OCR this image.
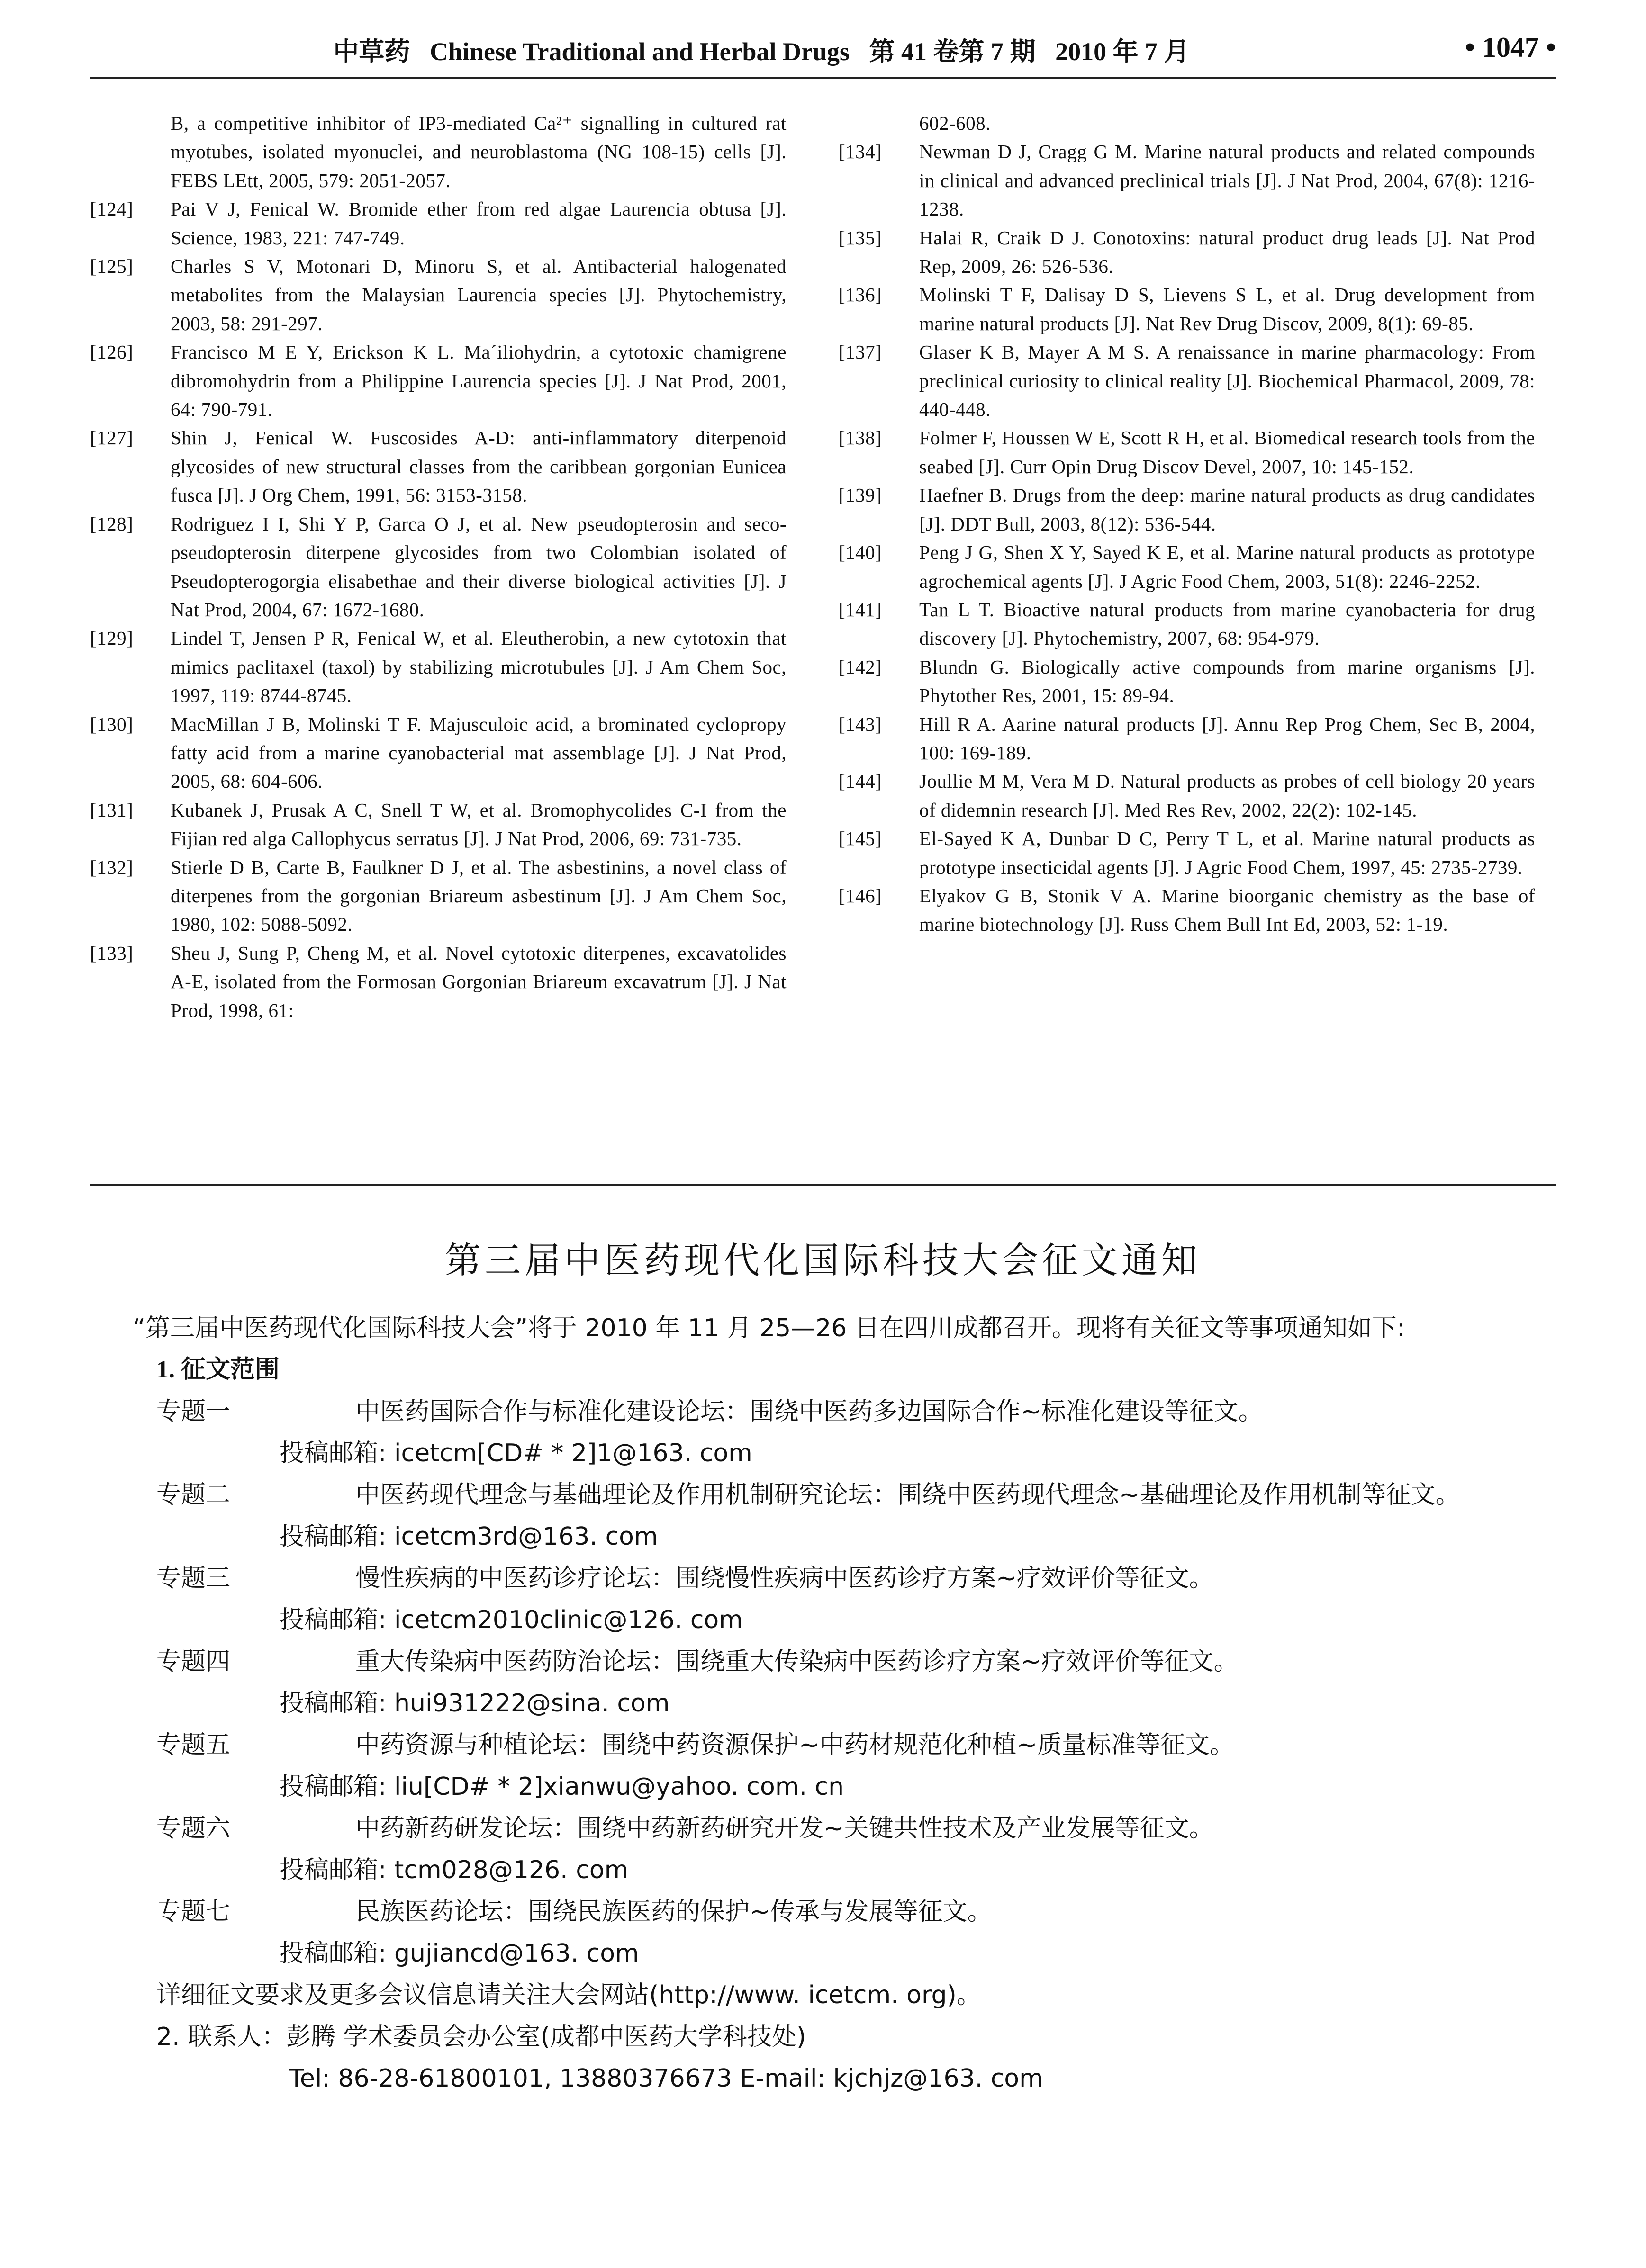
中草药 Chinese Traditional and Herbal Drugs 第 41 卷第 7 期 2010 年 7 月	• 1047 •
B, a competitive inhibitor of IP3-mediated Ca²⁺ signalling in cultured rat myotubes, isolated myonuclei, and neuroblastoma (NG 108-15) cells [J]. FEBS LEtt, 2005, 579: 2051-2057.
[124] Pai V J, Fenical W. Bromide ether from red algae Laurencia obtusa [J]. Science, 1983, 221: 747-749.
[125] Charles S V, Motonari D, Minoru S, et al. Antibacterial halogenated metabolites from the Malaysian Laurencia species [J]. Phytochemistry, 2003, 58: 291-297.
[126] Francisco M E Y, Erickson K L. Ma´iliohydrin, a cytotoxic chamigrene dibromohydrin from a Philippine Laurencia species [J]. J Nat Prod, 2001, 64: 790-791.
[127] Shin J, Fenical W. Fuscosides A-D: anti-inflammatory diterpenoid glycosides of new structural classes from the caribbean gorgonian Eunicea fusca [J]. J Org Chem, 1991, 56: 3153-3158.
[128] Rodriguez I I, Shi Y P, Garca O J, et al. New pseudopterosin and seco-pseudopterosin diterpene glycosides from two Colombian isolated of Pseudopterogorgia elisabethae and their diverse biological activities [J]. J Nat Prod, 2004, 67: 1672-1680.
[129] Lindel T, Jensen P R, Fenical W, et al. Eleutherobin, a new cytotoxin that mimics paclitaxel (taxol) by stabilizing microtubules [J]. J Am Chem Soc, 1997, 119: 8744-8745.
[130] MacMillan J B, Molinski T F. Majusculoic acid, a brominated cyclopropy fatty acid from a marine cyanobacterial mat assemblage [J]. J Nat Prod, 2005, 68: 604-606.
[131] Kubanek J, Prusak A C, Snell T W, et al. Bromophycolides C-I from the Fijian red alga Callophycus serratus [J]. J Nat Prod, 2006, 69: 731-735.
[132] Stierle D B, Carte B, Faulkner D J, et al. The asbestinins, a novel class of diterpenes from the gorgonian Briareum asbestinum [J]. J Am Chem Soc, 1980, 102: 5088-5092.
[133] Sheu J, Sung P, Cheng M, et al. Novel cytotoxic diterpenes, excavatolides A-E, isolated from the Formosan Gorgonian Briareum excavatrum [J]. J Nat Prod, 1998, 61:
602-608.
[134] Newman D J, Cragg G M. Marine natural products and related compounds in clinical and advanced preclinical trials [J]. J Nat Prod, 2004, 67(8): 1216-1238.
[135] Halai R, Craik D J. Conotoxins: natural product drug leads [J]. Nat Prod Rep, 2009, 26: 526-536.
[136] Molinski T F, Dalisay D S, Lievens S L, et al. Drug development from marine natural products [J]. Nat Rev Drug Discov, 2009, 8(1): 69-85.
[137] Glaser K B, Mayer A M S. A renaissance in marine pharmacology: From preclinical curiosity to clinical reality [J]. Biochemical Pharmacol, 2009, 78: 440-448.
[138] Folmer F, Houssen W E, Scott R H, et al. Biomedical research tools from the seabed [J]. Curr Opin Drug Discov Devel, 2007, 10: 145-152.
[139] Haefner B. Drugs from the deep: marine natural products as drug candidates [J]. DDT Bull, 2003, 8(12): 536-544.
[140] Peng J G, Shen X Y, Sayed K E, et al. Marine natural products as prototype agrochemical agents [J]. J Agric Food Chem, 2003, 51(8): 2246-2252.
[141] Tan L T. Bioactive natural products from marine cyanobacteria for drug discovery [J]. Phytochemistry, 2007, 68: 954-979.
[142] Blundn G. Biologically active compounds from marine organisms [J]. Phytother Res, 2001, 15: 89-94.
[143] Hill R A. Aarine natural products [J]. Annu Rep Prog Chem, Sec B, 2004, 100: 169-189.
[144] Joullie M M, Vera M D. Natural products as probes of cell biology 20 years of didemnin research [J]. Med Res Rev, 2002, 22(2): 102-145.
[145] El-Sayed K A, Dunbar D C, Perry T L, et al. Marine natural products as prototype insecticidal agents [J]. J Agric Food Chem, 1997, 45: 2735-2739.
[146] Elyakov G B, Stonik V A. Marine bioorganic chemistry as the base of marine biotechnology [J]. Russ Chem Bull Int Ed, 2003, 52: 1-19.
第三届中医药现代化国际科技大会征文通知
“第三届中医药现代化国际科技大会”将于 2010 年 11 月 25—26 日在四川成都召开。现将有关征文等事项通知如下:
1. 征文范围
专题一	中医药国际合作与标准化建设论坛：围绕中医药多边国际合作~标准化建设等征文。
投稿邮箱: icetcm[CD# * 2]1@163. com
专题二	中医药现代理念与基础理论及作用机制研究论坛：围绕中医药现代理念~基础理论及作用机制等征文。
投稿邮箱: icetcm3rd@163. com
专题三	慢性疾病的中医药诊疗论坛：围绕慢性疾病中医药诊疗方案~疗效评价等征文。
投稿邮箱: icetcm2010clinic@126. com
专题四	重大传染病中医药防治论坛：围绕重大传染病中医药诊疗方案~疗效评价等征文。
投稿邮箱: hui931222@sina. com
专题五	中药资源与种植论坛：围绕中药资源保护~中药材规范化种植~质量标准等征文。
投稿邮箱: liu[CD# * 2]xianwu@yahoo. com. cn
专题六	中药新药研发论坛：围绕中药新药研究开发~关键共性技术及产业发展等征文。
投稿邮箱: tcm028@126. com
专题七	民族医药论坛：围绕民族医药的保护~传承与发展等征文。
投稿邮箱: gujiancd@163. com
详细征文要求及更多会议信息请关注大会网站(http://www. icetcm. org)。
2. 联系人：彭腾 学术委员会办公室(成都中医药大学科技处)
Tel: 86-28-61800101, 13880376673 E-mail: kjchjz@163. com
